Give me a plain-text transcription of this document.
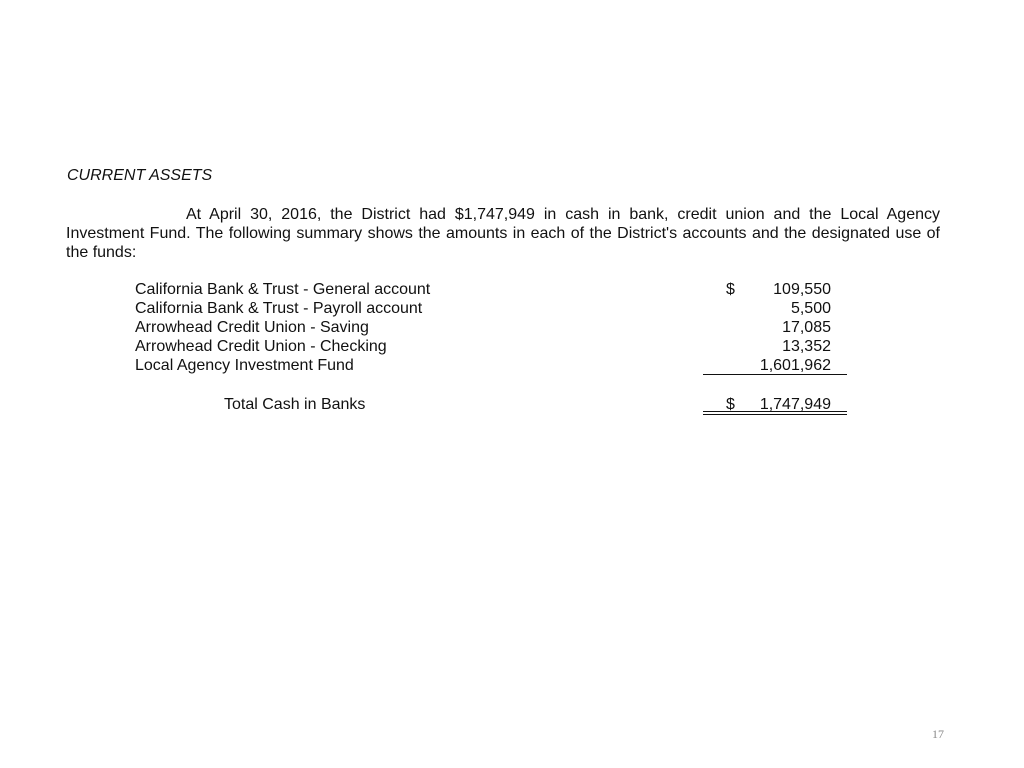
CURRENT ASSETS

At April 30, 2016, the District had $1,747,949 in cash in bank, credit union and the Local Agency Investment Fund. The following summary shows the amounts in each of the District's accounts and the designated use of the funds:

California Bank & Trust - General account	$ 109,550
California Bank & Trust - Payroll account	5,500
Arrowhead Credit Union - Saving	17,085
Arrowhead Credit Union - Checking	13,352
Local Agency Investment Fund	1,601,962
Total Cash in Banks	$ 1,747,949
17
